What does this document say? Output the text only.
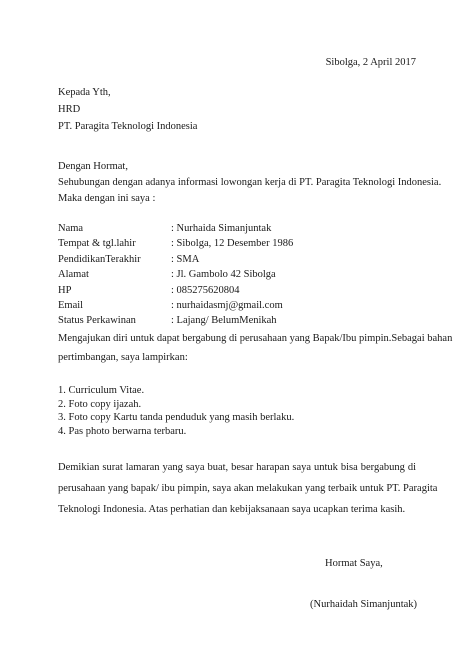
Sibolga, 2 April 2017
Kepada Yth,
HRD
PT. Paragita Teknologi Indonesia
Dengan Hormat,
Sehubungan dengan adanya informasi lowongan kerja di PT. Paragita Teknologi Indonesia.
Maka dengan ini saya :
Nama	: Nurhaida Simanjuntak
Tempat & tgl.lahir	: Sibolga, 12 Desember 1986
PendidikanTerakhir	: SMA
Alamat	: Jl. Gambolo 42 Sibolga
HP	: 085275620804
Email	: nurhaidasmj@gmail.com
Status Perkawinan	: Lajang/ BelumMenikah
Mengajukan diri untuk dapat bergabung di perusahaan yang Bapak/Ibu pimpin.Sebagai bahan
pertimbangan, saya lampirkan:
1. Curriculum Vitae.
2. Foto copy ijazah.
3. Foto copy Kartu tanda penduduk yang masih berlaku.
4. Pas photo berwarna terbaru.
Demikian surat lamaran yang saya buat, besar harapan saya untuk bisa bergabung di
perusahaan yang bapak/ ibu pimpin, saya akan melakukan yang terbaik untuk PT. Paragita
Teknologi Indonesia. Atas perhatian dan kebijaksanaan saya ucapkan terima kasih.
Hormat Saya,
(Nurhaidah Simanjuntak)
